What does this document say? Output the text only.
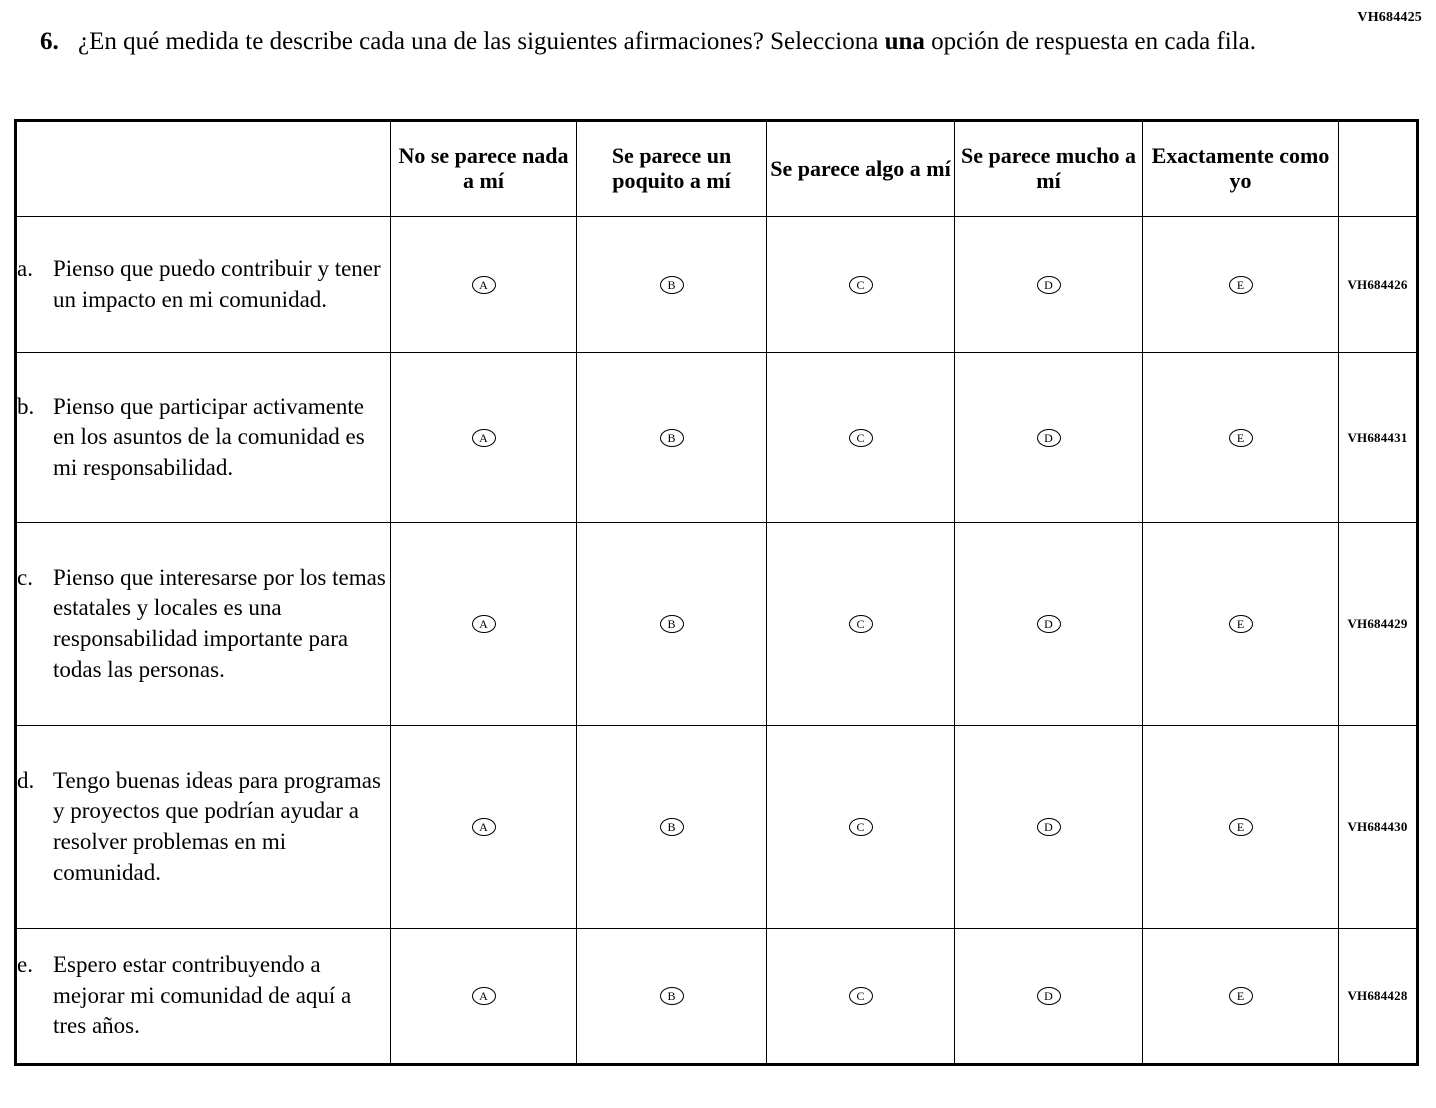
VH684425
6. ¿En qué medida te describe cada una de las siguientes afirmaciones? Selecciona una opción de respuesta en cada fila.
	No se parece nada a mí	Se parece un poquito a mí	Se parece algo a mí	Se parece mucho a mí	Exactamente como yo	

a. Pienso que puedo contribuir y tener un impacto en mi comunidad.	A	B	C	D	E	VH684426

b. Pienso que participar activamente en los asuntos de la comunidad es mi responsabilidad.	A	B	C	D	E	VH684431

c. Pienso que interesarse por los temas estatales y locales es una responsabilidad importante para todas las personas.	A	B	C	D	E	VH684429

d. Tengo buenas ideas para programas y proyectos que podrían ayudar a resolver problemas en mi comunidad.	A	B	C	D	E	VH684430

e. Espero estar contribuyendo a mejorar mi comunidad de aquí a tres años.	A	B	C	D	E	VH684428
